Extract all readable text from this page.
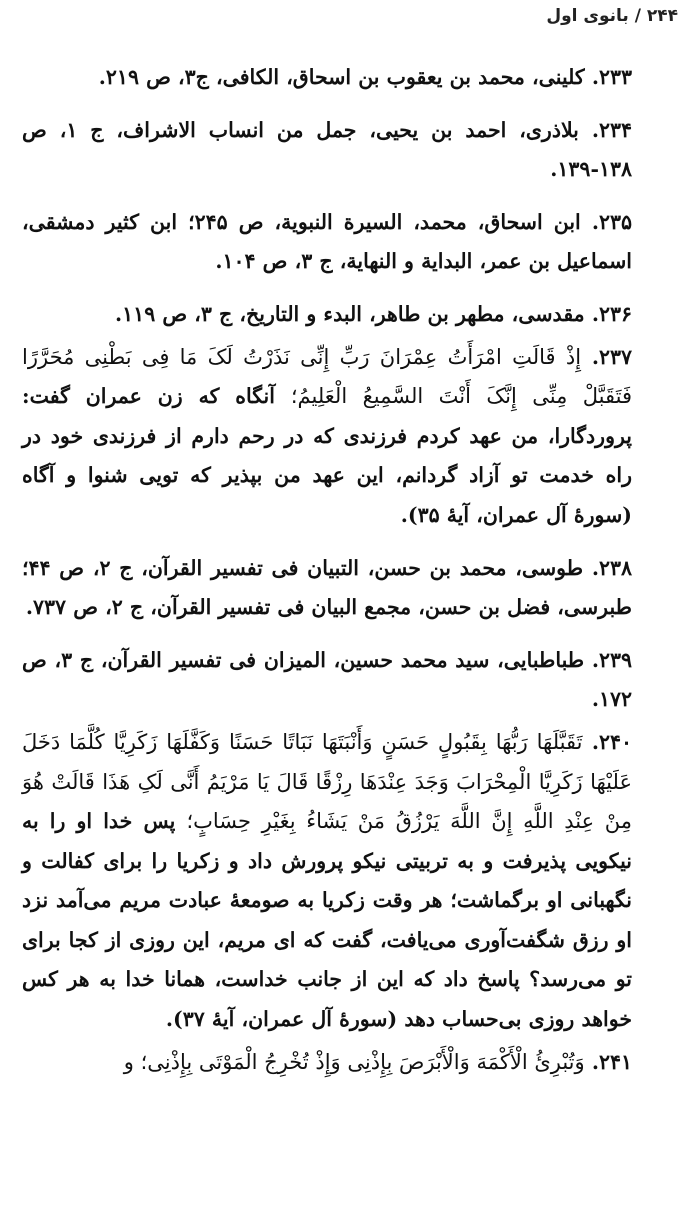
۲۴۴ / بانوی اول

۲۳۳. کلینی، محمد بن یعقوب بن اسحاق، الکافی، ج۳، ص ۲۱۹.

۲۳۴. بلاذری، احمد بن یحیی، جمل من انساب الاشراف، ج ۱، ص ۱۳۸-۱۳۹.

۲۳۵. ابن اسحاق، محمد، السیرة النبویة، ص ۲۴۵؛ ابن کثیر دمشقی، اسماعیل بن عمر، البدایة و النهایة، ج ۳، ص ۱۰۴.

۲۳۶. مقدسی، مطهر بن طاهر، البدء و التاریخ، ج ۳، ص ۱۱۹.

۲۳۷. إِذْ قَالَتِ امْرَأَتُ عِمْرَانَ رَبِّ إِنِّی نَذَرْتُ لَکَ مَا فِی بَطْنِی مُحَرَّرًا فَتَقَبَّلْ مِنِّی إِنَّکَ أَنْتَ السَّمِیعُ الْعَلِیمُ؛ آنگاه که زن عمران گفت: پروردگارا، من عهد کردم فرزندی که در رحم دارم از فرزندی خود در راه خدمت تو آزاد گردانم، این عهد من بپذیر که تویی شنوا و آگاه (سورۀ آل عمران، آیۀ ۳۵).

۲۳۸. طوسی، محمد بن حسن، التبیان فی تفسیر القرآن، ج ۲، ص ۴۴؛ طبرسی، فضل بن حسن، مجمع البیان فی تفسیر القرآن، ج ۲، ص ۷۳۷.

۲۳۹. طباطبایی، سید محمد حسین، المیزان فی تفسیر القرآن، ج ۳، ص ۱۷۲.

۲۴۰. تَقَبَّلَهَا رَبُّهَا بِقَبُولٍ حَسَنٍ وَأَنْبَتَهَا نَبَاتًا حَسَنًا وَکَفَّلَهَا زَکَرِیَّا کُلَّمَا دَخَلَ عَلَیْهَا زَکَرِیَّا الْمِحْرَابَ وَجَدَ عِنْدَهَا رِزْقًا قَالَ یَا مَرْیَمُ أَنَّى لَکِ هَذَا قَالَتْ هُوَ مِنْ عِنْدِ اللَّهِ إِنَّ اللَّهَ یَرْزُقُ مَنْ یَشَاءُ بِغَیْرِ حِسَابٍ؛ پس خدا او را به نیکویی پذیرفت و به تربیتی نیکو پرورش داد و زکریا را برای کفالت و نگهبانی او برگماشت؛ هر وقت زکریا به صومعۀ عبادت مریم می‌آمد نزد او رزق شگفت‌آوری می‌یافت، گفت که ای مریم، این روزی از کجا برای تو می‌رسد؟ پاسخ داد که این از جانب خداست، همانا خدا به هر کس خواهد روزی بی‌حساب دهد (سورۀ آل عمران، آیۀ ۳۷).

۲۴۱. وَتُبْرِئُ الْأَکْمَهَ وَالْأَبْرَصَ بِإِذْنِی وَإِذْ تُخْرِجُ الْمَوْتَى بِإِذْنِی؛ و
